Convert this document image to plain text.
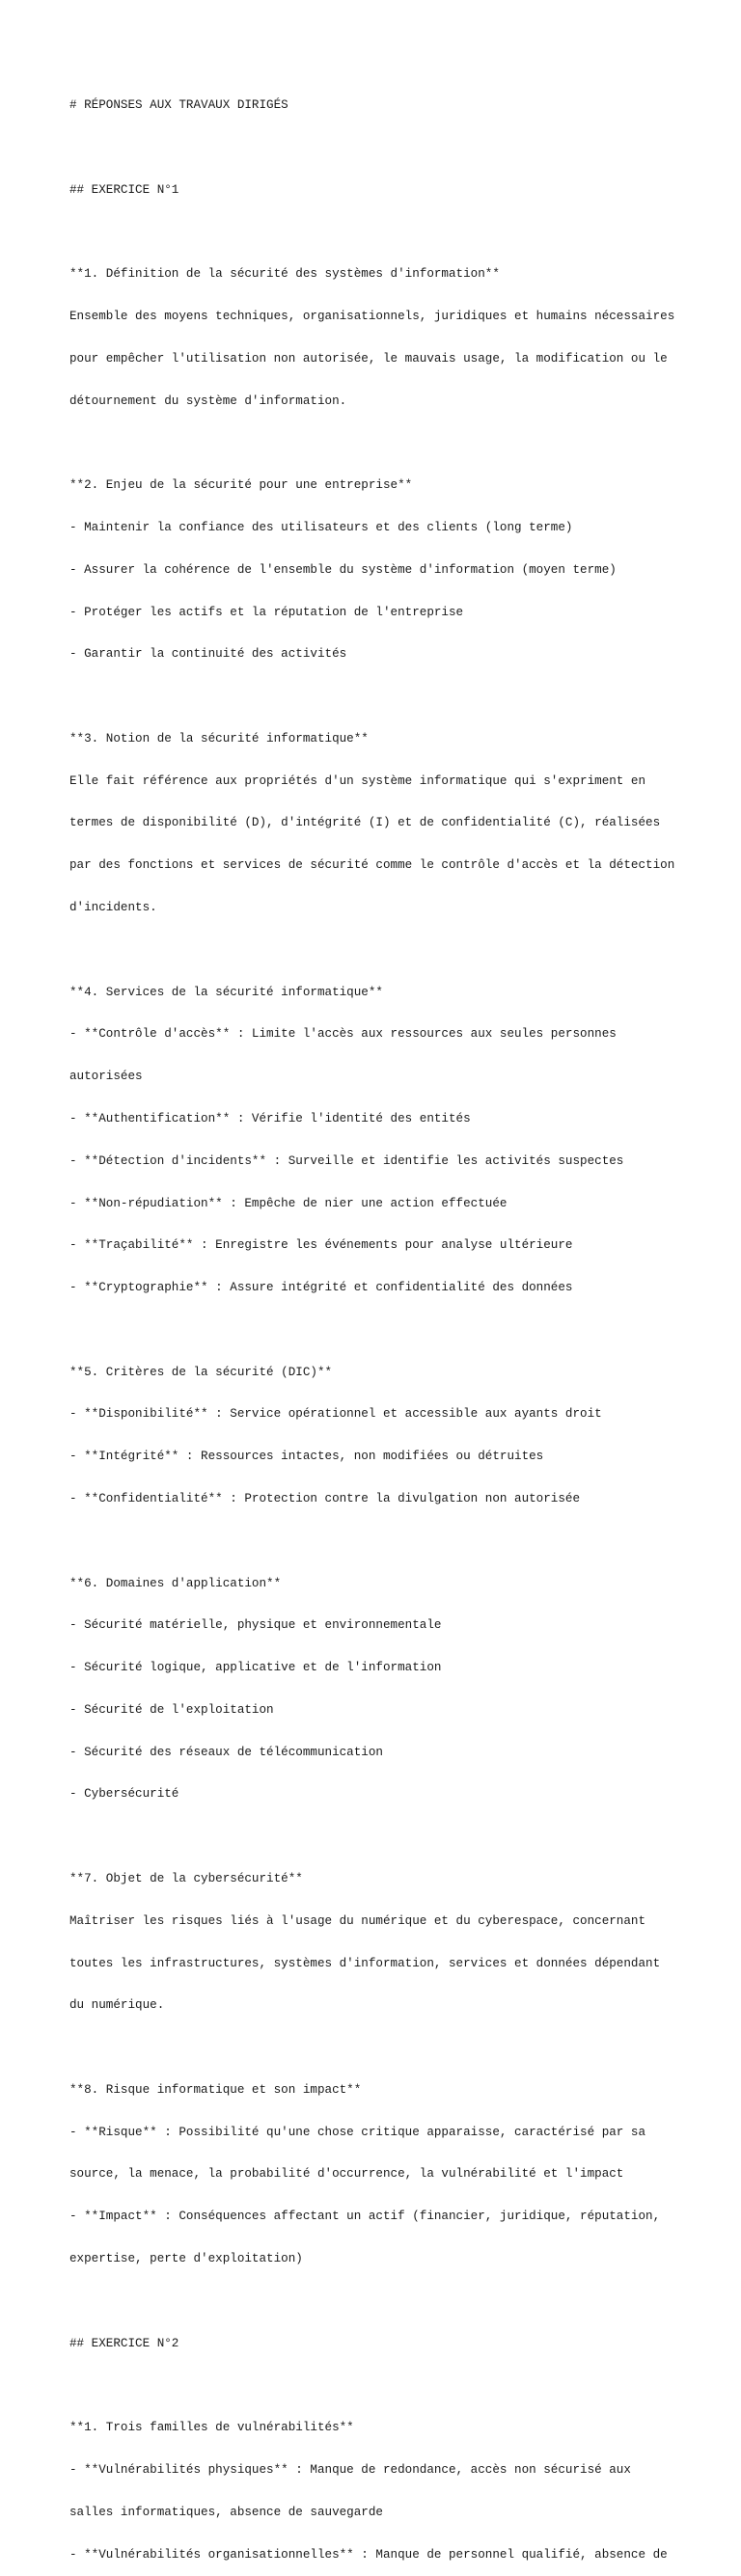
# RÉPONSES AUX TRAVAUX DIRIGÉS

## EXERCICE N°1

**1. Définition de la sécurité des systèmes d'information**

Ensemble des moyens techniques, organisationnels, juridiques et humains nécessaires

pour empêcher l'utilisation non autorisée, le mauvais usage, la modification ou le

détournement du système d'information.

**2. Enjeu de la sécurité pour une entreprise**

- Maintenir la confiance des utilisateurs et des clients (long terme)

- Assurer la cohérence de l'ensemble du système d'information (moyen terme)

- Protéger les actifs et la réputation de l'entreprise

- Garantir la continuité des activités

**3. Notion de la sécurité informatique**

Elle fait référence aux propriétés d'un système informatique qui s'expriment en

termes de disponibilité (D), d'intégrité (I) et de confidentialité (C), réalisées

par des fonctions et services de sécurité comme le contrôle d'accès et la détection

d'incidents.

**4. Services de la sécurité informatique**

- **Contrôle d'accès** : Limite l'accès aux ressources aux seules personnes

autorisées

- **Authentification** : Vérifie l'identité des entités

- **Détection d'incidents** : Surveille et identifie les activités suspectes

- **Non-répudiation** : Empêche de nier une action effectuée

- **Traçabilité** : Enregistre les événements pour analyse ultérieure

- **Cryptographie** : Assure intégrité et confidentialité des données

**5. Critères de la sécurité (DIC)**

- **Disponibilité** : Service opérationnel et accessible aux ayants droit

- **Intégrité** : Ressources intactes, non modifiées ou détruites

- **Confidentialité** : Protection contre la divulgation non autorisée

**6. Domaines d'application**

- Sécurité matérielle, physique et environnementale

- Sécurité logique, applicative et de l'information

- Sécurité de l'exploitation

- Sécurité des réseaux de télécommunication

- Cybersécurité

**7. Objet de la cybersécurité**

Maîtriser les risques liés à l'usage du numérique et du cyberespace, concernant

toutes les infrastructures, systèmes d'information, services et données dépendant

du numérique.

**8. Risque informatique et son impact**

- **Risque** : Possibilité qu'une chose critique apparaisse, caractérisé par sa

source, la menace, la probabilité d'occurrence, la vulnérabilité et l'impact

- **Impact** : Conséquences affectant un actif (financier, juridique, réputation,

expertise, perte d'exploitation)

## EXERCICE N°2

**1. Trois familles de vulnérabilités**

- **Vulnérabilités physiques** : Manque de redondance, accès non sécurisé aux

salles informatiques, absence de sauvegarde

- **Vulnérabilités organisationnelles** : Manque de personnel qualifié, absence de
